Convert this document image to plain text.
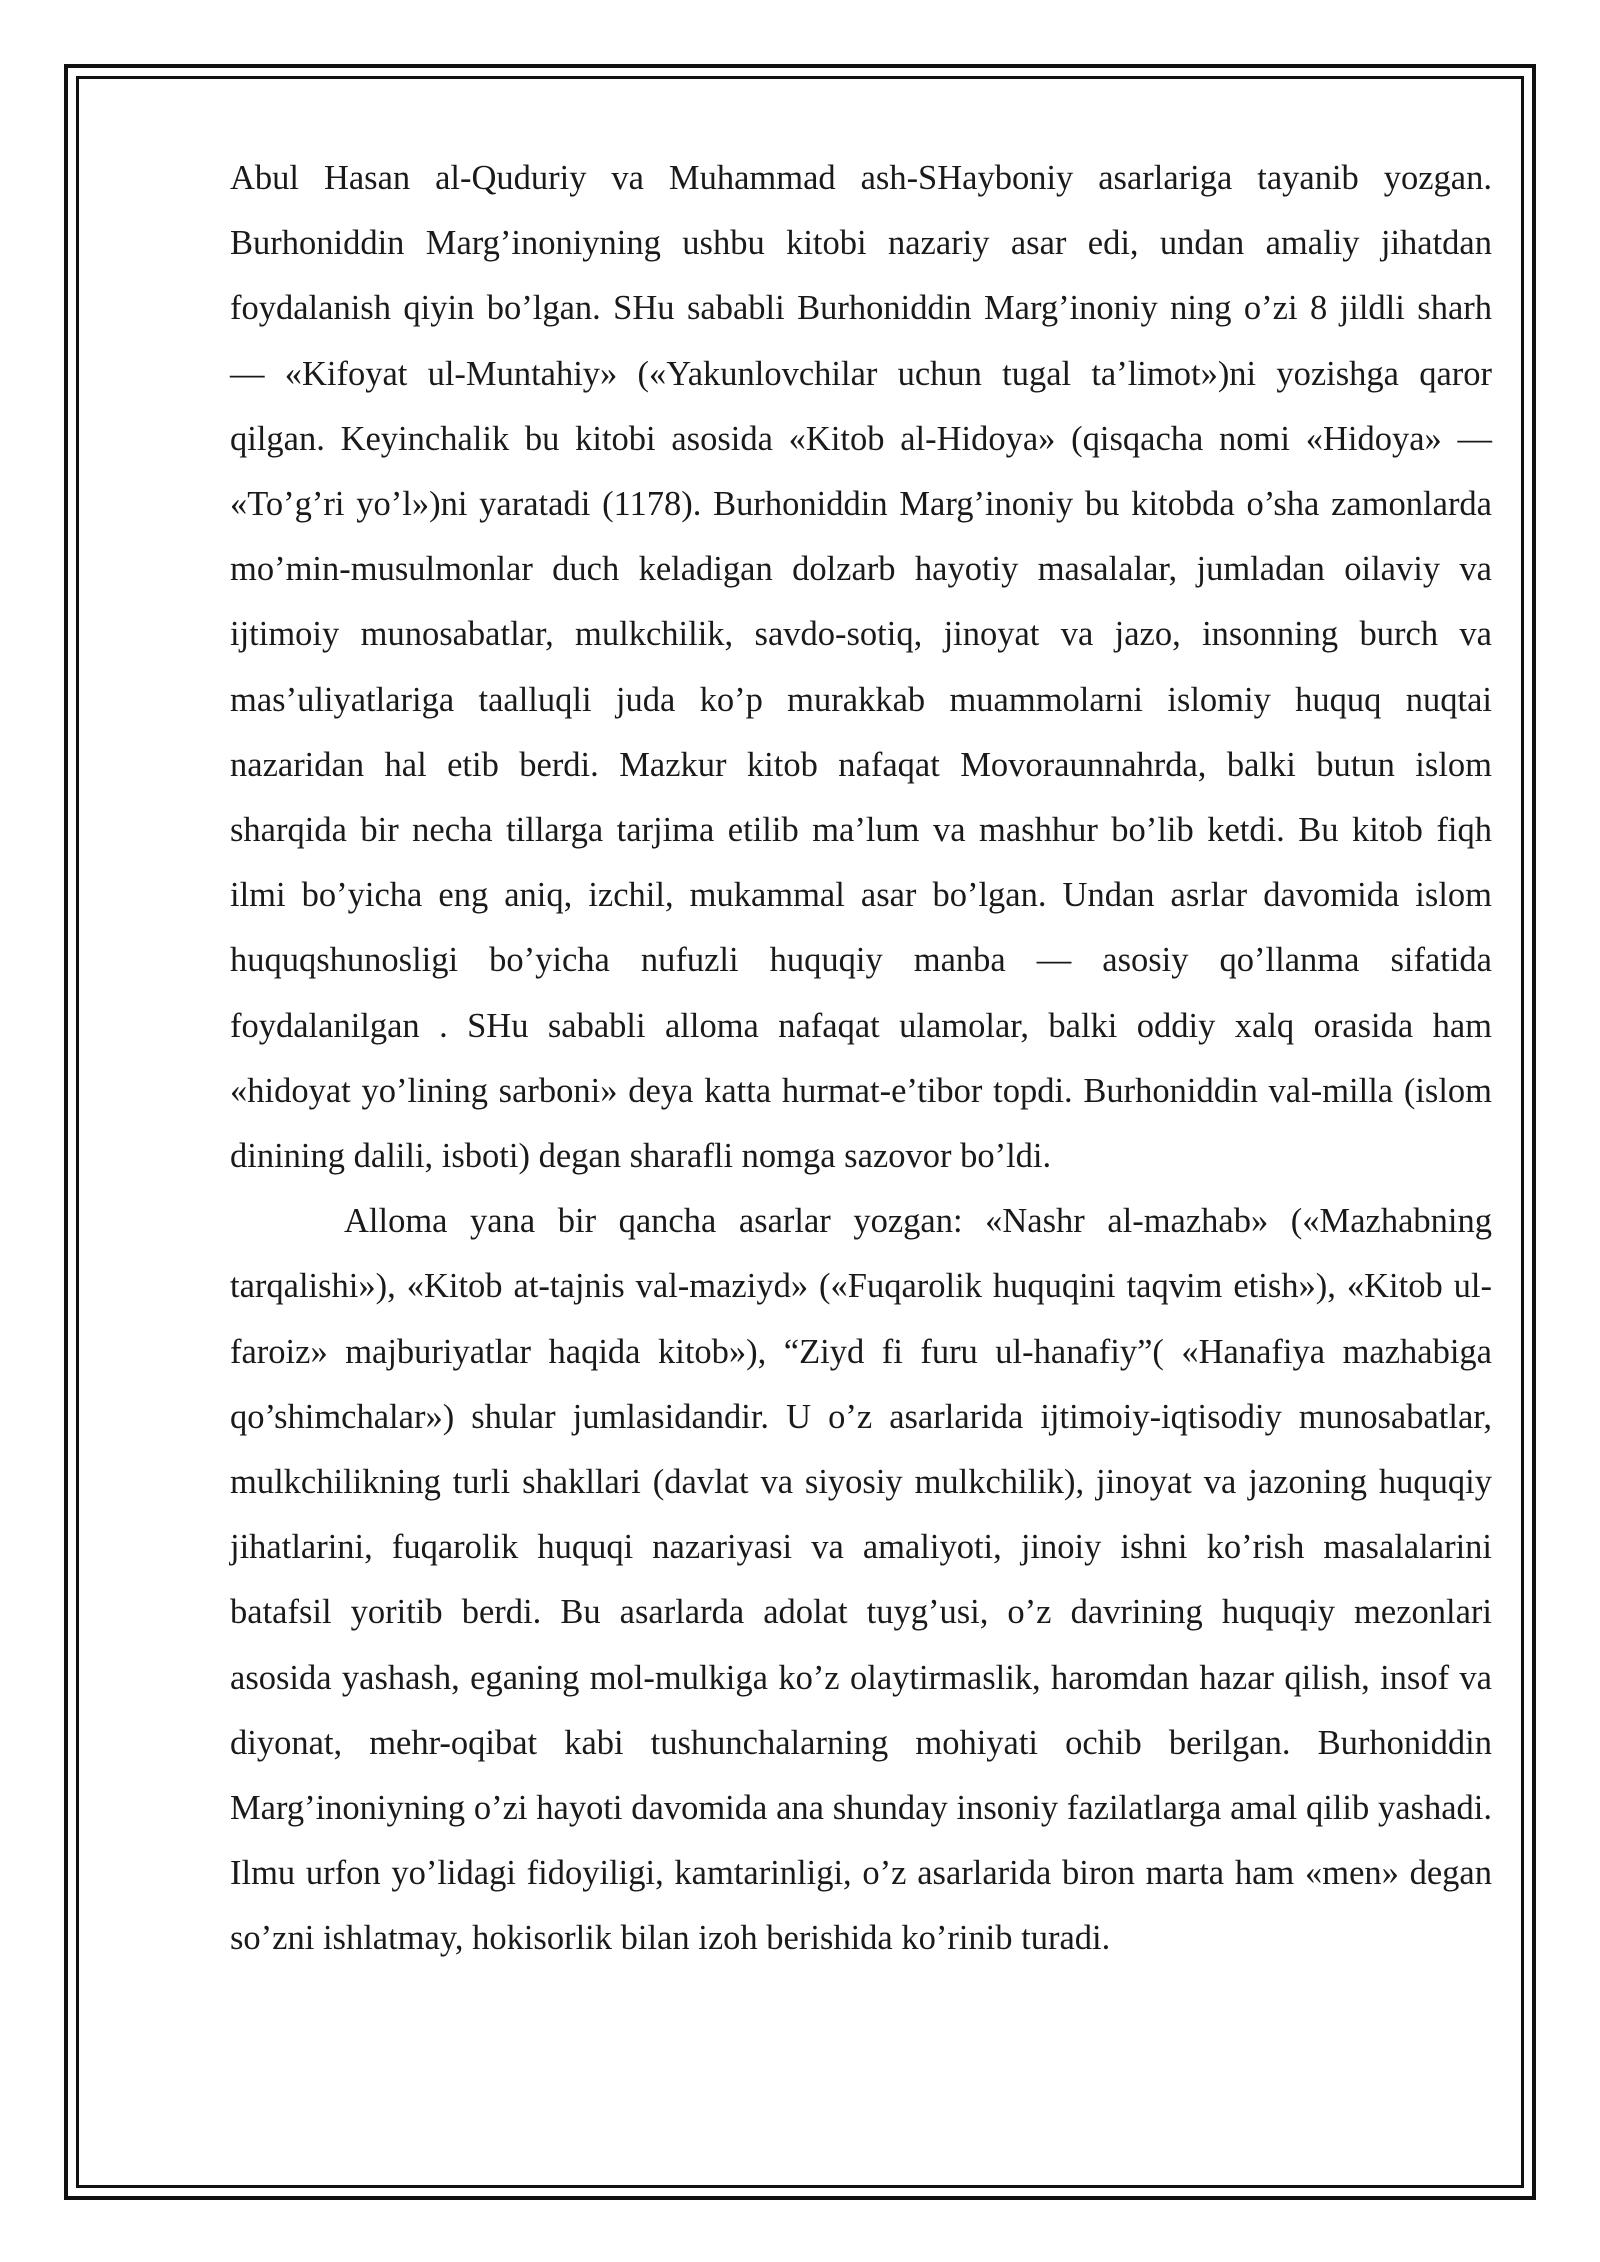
Abul Hasan al-Quduriy va Muhammad ash-SHayboniy asarlariga tayanib yozgan. Burhoniddin Marg’inoniyning ushbu kitobi nazariy asar edi, undan amaliy jihatdan foydalanish qiyin bo’lgan. SHu sababli Burhoniddin Marg’inoniy ning o’zi 8 jildli sharh — «Kifoyat ul-Muntahiy» («Yakunlovchilar uchun tugal ta’limot»)ni yozishga qaror qilgan. Keyinchalik bu kitobi asosida «Kitob al-Hidoya» (qisqacha nomi «Hidoya» — «To’g’ri yo’l»)ni yaratadi (1178). Burhoniddin Marg’inoniy bu kitobda o’sha zamonlarda mo’min-musulmonlar duch keladigan dolzarb hayotiy masalalar, jumladan oilaviy va ijtimoiy munosabatlar, mulkchilik, savdo-sotiq, jinoyat va jazo, insonning burch va mas’uliyatlariga taalluqli juda ko’p murakkab muammolarni islomiy huquq nuqtai nazaridan hal etib berdi. Mazkur kitob nafaqat Movoraunnahrda, balki butun islom sharqida bir necha tillarga tarjima etilib ma’lum va mashhur bo’lib ketdi. Bu kitob fiqh ilmi bo’yicha eng aniq, izchil, mukammal asar bo’lgan. Undan asrlar davomida islom huquqshunosligi bo’yicha nufuzli huquqiy manba — asosiy qo’llanma sifatida foydalanilgan . SHu sababli alloma nafaqat ulamolar, balki oddiy xalq orasida ham «hidoyat yo’lining sarboni» deya katta hurmat-e’tibor topdi. Burhoniddin val-milla (islom dinining dalili, isboti) degan sharafli nomga sazovor bo’ldi.

Alloma yana bir qancha asarlar yozgan: «Nashr al-mazhab» («Mazhabning tarqalishi»), «Kitob at-tajnis val-maziyd» («Fuqarolik huquqini taqvim etish»), «Kitob ul-faroiz» majburiyatlar haqida kitob»), “Ziyd fi furu ul-hanafiy”( «Hanafiya mazhabiga qo’shimchalar») shular jumlasidandir. U o’z asarlarida ijtimoiy-iqtisodiy munosabatlar, mulkchilikning turli shakllari (davlat va siyosiy mulkchilik), jinoyat va jazoning huquqiy jihatlarini, fuqarolik huquqi nazariyasi va amaliyoti, jinoiy ishni ko’rish masalalarini batafsil yoritib berdi. Bu asarlarda adolat tuyg’usi, o’z davrining huquqiy mezonlari asosida yashash, eganing mol-mulkiga ko’z olaytirmaslik, haromdan hazar qilish, insof va diyonat, mehr-oqibat kabi tushunchalarning mohiyati ochib berilgan. Burhoniddin Marg’inoniyning o’zi hayoti davomida ana shunday insoniy fazilatlarga amal qilib yashadi. Ilmu urfon yo’lidagi fidoyiligi, kamtarinligi, o’z asarlarida biron marta ham «men» degan so’zni ishlatmay, hokisorlik bilan izoh berishida ko’rinib turadi.
